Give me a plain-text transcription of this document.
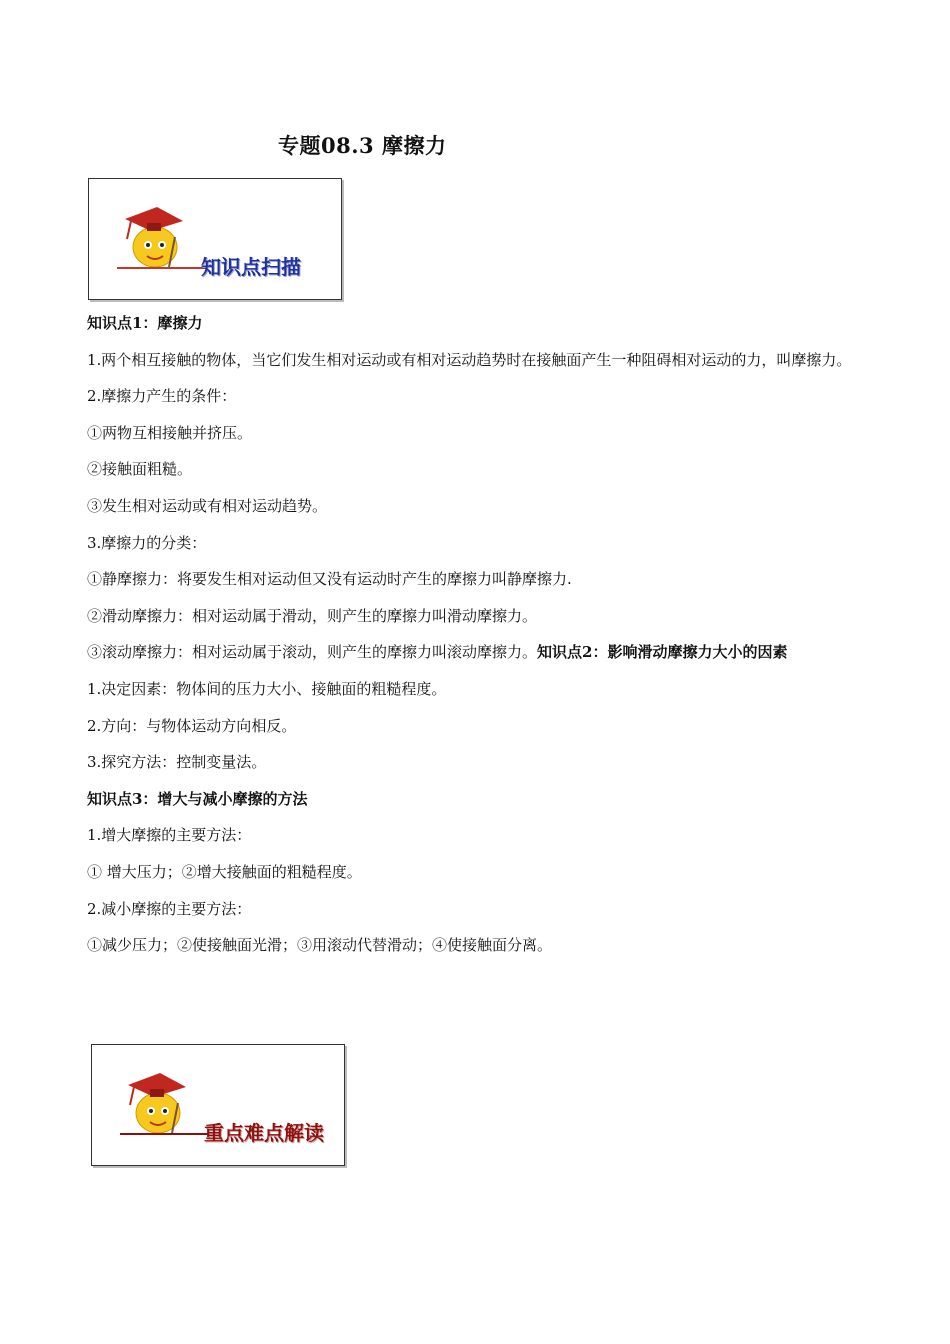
专题08.3 摩擦力
知识点扫描

知识点1：摩擦力

1.两个相互接触的物体，当它们发生相对运动或有相对运动趋势时在接触面产生一种阻碍相对运动的力，叫摩擦力。

2.摩擦力产生的条件：

①两物互相接触并挤压。

②接触面粗糙。

③发生相对运动或有相对运动趋势。

3.摩擦力的分类：

①静摩擦力：将要发生相对运动但又没有运动时产生的摩擦力叫静摩擦力.

②滑动摩擦力：相对运动属于滑动，则产生的摩擦力叫滑动摩擦力。

③滚动摩擦力：相对运动属于滚动，则产生的摩擦力叫滚动摩擦力。知识点2：影响滑动摩擦力大小的因素

1.决定因素：物体间的压力大小、接触面的粗糙程度。

2.方向：与物体运动方向相反。

3.探究方法：控制变量法。

知识点3：增大与减小摩擦的方法

1.增大摩擦的主要方法：

① 增大压力；②增大接触面的粗糙程度。

2.减小摩擦的主要方法：

①减少压力；②使接触面光滑；③用滚动代替滑动；④使接触面分离。

重点难点解读
